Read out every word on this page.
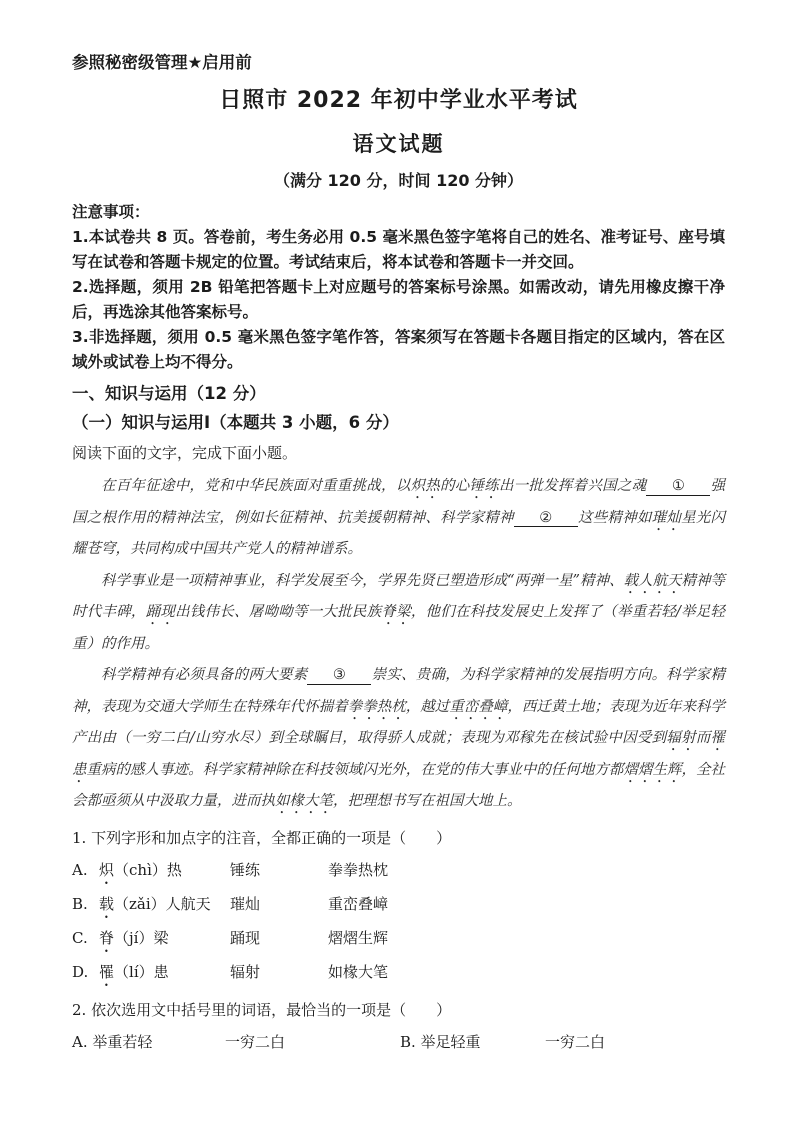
参照秘密级管理★启用前
日照市 2022 年初中学业水平考试
语文试题
（满分 120 分，时间 120 分钟）

注意事项：

1.本试卷共 8 页。答卷前，考生务必用 0.5 毫米黑色签字笔将自己的姓名、准考证号、座号填写在试卷和答题卡规定的位置。考试结束后，将本试卷和答题卡一并交回。

2.选择题，须用 2B 铅笔把答题卡上对应题号的答案标号涂黑。如需改动，请先用橡皮擦干净后，再选涂其他答案标号。

3.非选择题，须用 0.5 毫米黑色签字笔作答，答案须写在答题卡各题目指定的区域内，答在区域外或试卷上均不得分。

一、知识与运用（12 分）
（一）知识与运用Ⅰ（本题共 3 小题，6 分）
阅读下面的文字，完成下面小题。

在百年征途中，党和中华民族面对重重挑战，以炽热的心锤练出一批发挥着兴国之魂 ① 强国之根作用的精神法宝，例如长征精神、抗美援朝精神、科学家精神 ② 这些精神如璀灿星光闪耀苍穹，共同构成中国共产党人的精神谱系。

科学事业是一项精神事业，科学发展至今，学界先贤已塑造形成“两弹一星”精神、载人航天精神等时代丰碑，踊现出钱伟长、屠呦呦等一大批民族脊梁，他们在科技发展史上发挥了（举重若轻/举足轻重）的作用。

科学精神有必须具备的两大要素 ③ 崇实、贵确，为科学家精神的发展指明方向。科学家精神，表现为交通大学师生在特殊年代怀揣着拳拳热枕，越过重峦叠嶂，西迁黄土地；表现为近年来科学产出由（一穷二白/山穷水尽）到全球瞩目，取得骄人成就；表现为邓稼先在核试验中因受到辐射而罹患重病的感人事迹。科学家精神除在科技领域闪光外，在党的伟大事业中的任何地方都熠熠生辉，全社会都亟须从中汲取力量，进而执如椽大笔，把理想书写在祖国大地上。

1. 下列字形和加点字的注音，全都正确的一项是（　　）

A. 炽（chì）热	锤练	拳拳热枕
B. 载（zǎi）人航天	璀灿	重峦叠嶂
C. 脊（jí）梁	踊现	熠熠生辉
D. 罹（lí）患	辐射	如椽大笔

2. 依次选用文中括号里的词语，最恰当的一项是（　　）

A. 举重若轻	一穷二白	B. 举足轻重	一穷二白
